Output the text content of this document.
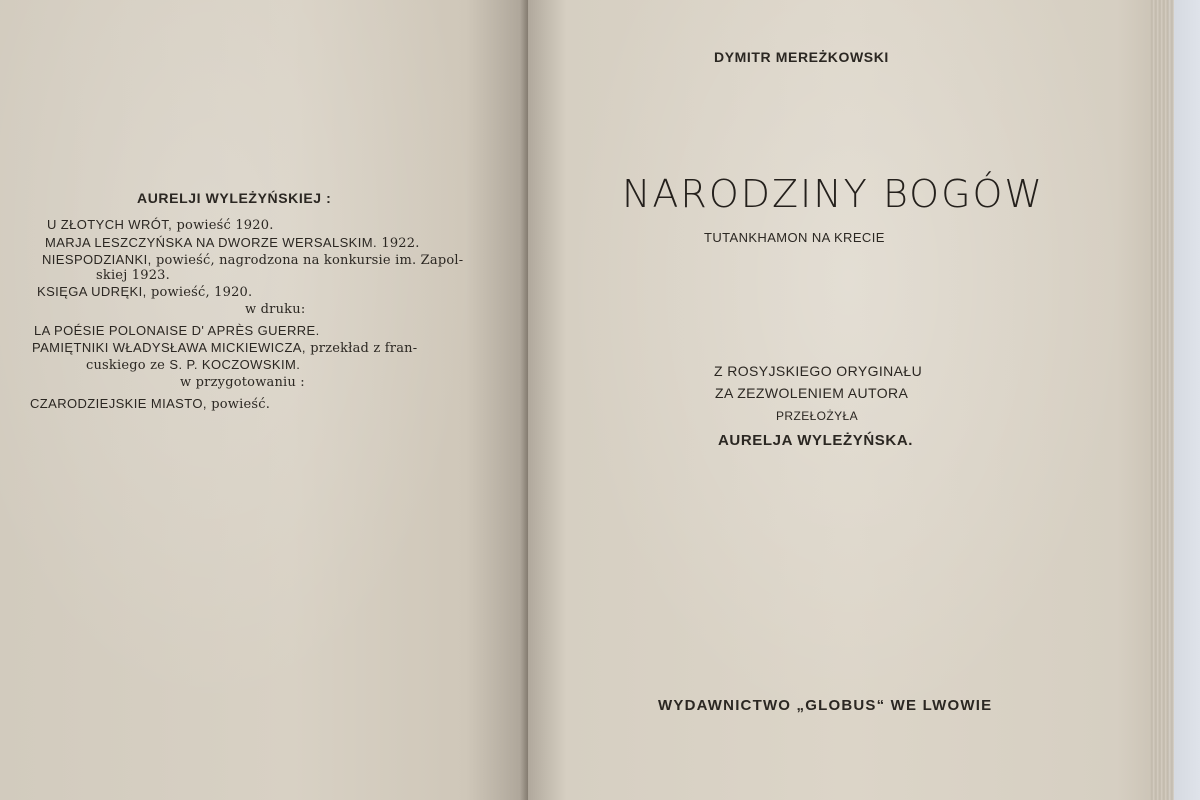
AURELJI WYLEŻYŃSKIEJ :
U ZŁOTYCH WRÓT, powieść 1920.
MARJA LESZCZYŃSKA NA DWORZE WERSALSKIM. 1922.
NIESPODZIANKI, powieść, nagrodzona na konkursie im. Zapol-
skiej 1923.
KSIĘGA UDRĘKI, powieść, 1920.
w druku:
LA POÉSIE POLONAISE D' APRÈS GUERRE.
PAMIĘTNIKI WŁADYSŁAWA MICKIEWICZA, przekład z fran-
cuskiego ze S. P. KOCZOWSKIM.
w przygotowaniu :
CZARODZIEJSKIE MIASTO, powieść.
DYMITR MEREŻKOWSKI
NARODZINY BOGÓW
TUTANKHAMON NA KRECIE
Z ROSYJSKIEGO ORYGINAŁU
ZA ZEZWOLENIEM AUTORA
PRZEŁOŻYŁA
AURELJA WYLEŻYŃSKA.
WYDAWNICTWO „GLOBUS“ WE LWOWIE
